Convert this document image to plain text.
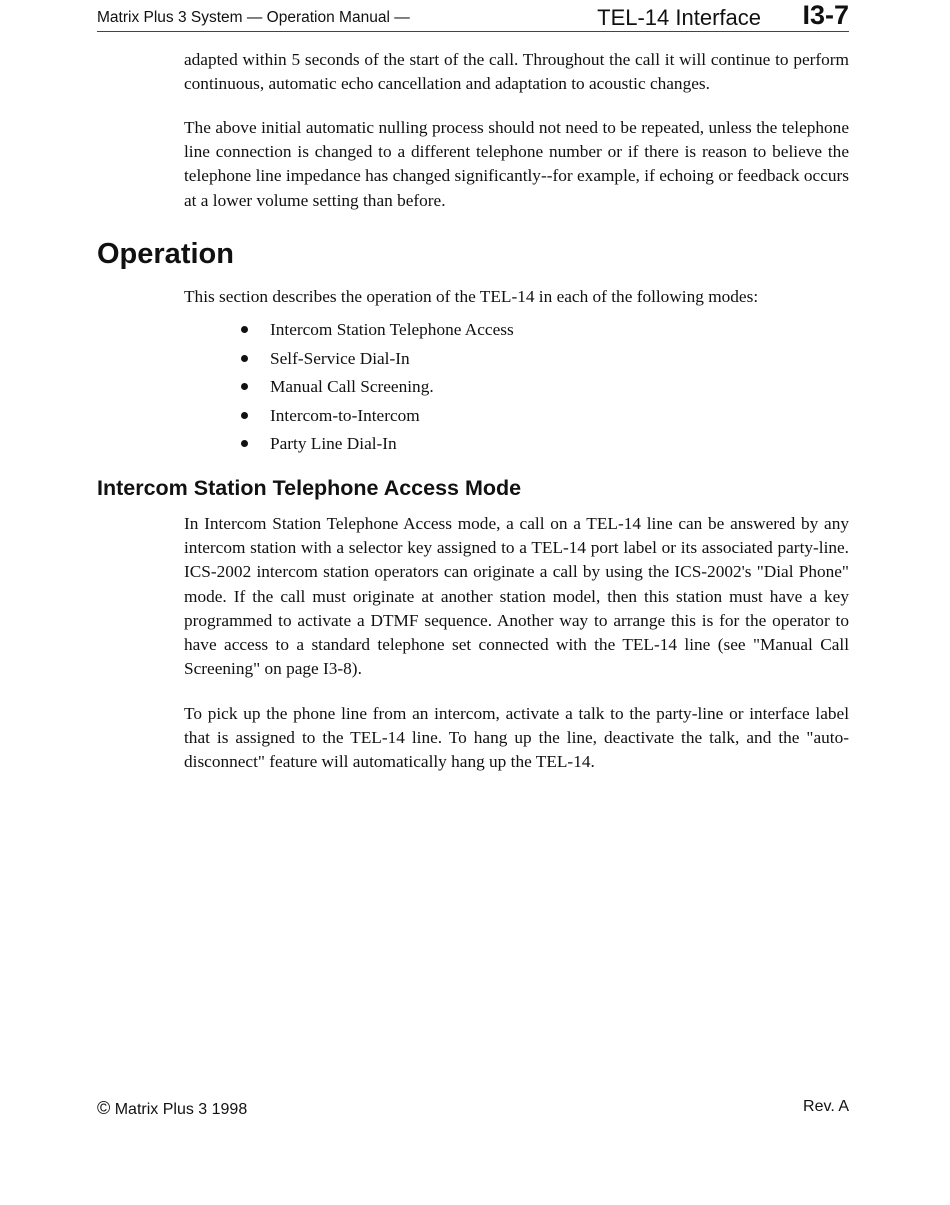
Matrix Plus 3 System — Operation Manual —	TEL-14 Interface I3-7

adapted within 5 seconds of the start of the call. Throughout the call it will continue to perform continuous, automatic echo cancellation and adaptation to acoustic changes.

The above initial automatic nulling process should not need to be repeated, unless the telephone line connection is changed to a different telephone number or if there is reason to believe the telephone line impedance has changed significantly--for example, if echoing or feedback occurs at a lower volume setting than before.

Operation

This section describes the operation of the TEL-14 in each of the following modes:

Intercom Station Telephone Access
Self-Service Dial-In
Manual Call Screening.
Intercom-to-Intercom
Party Line Dial-In
Intercom Station Telephone Access Mode

In Intercom Station Telephone Access mode, a call on a TEL-14 line can be answered by any intercom station with a selector key assigned to a TEL-14 port label or its associated party-line. ICS-2002 intercom station operators can originate a call by using the ICS-2002's "Dial Phone" mode. If the call must originate at another station model, then this station must have a key programmed to activate a DTMF sequence. Another way to arrange this is for the operator to have access to a standard telephone set connected with the TEL-14 line (see "Manual Call Screening" on page I3-8).

To pick up the phone line from an intercom, activate a talk to the party-line or interface label that is assigned to the TEL-14 line. To hang up the line, deactivate the talk, and the "auto-disconnect" feature will automatically hang up the TEL-14.

© Matrix Plus 3 1998	Rev. A
